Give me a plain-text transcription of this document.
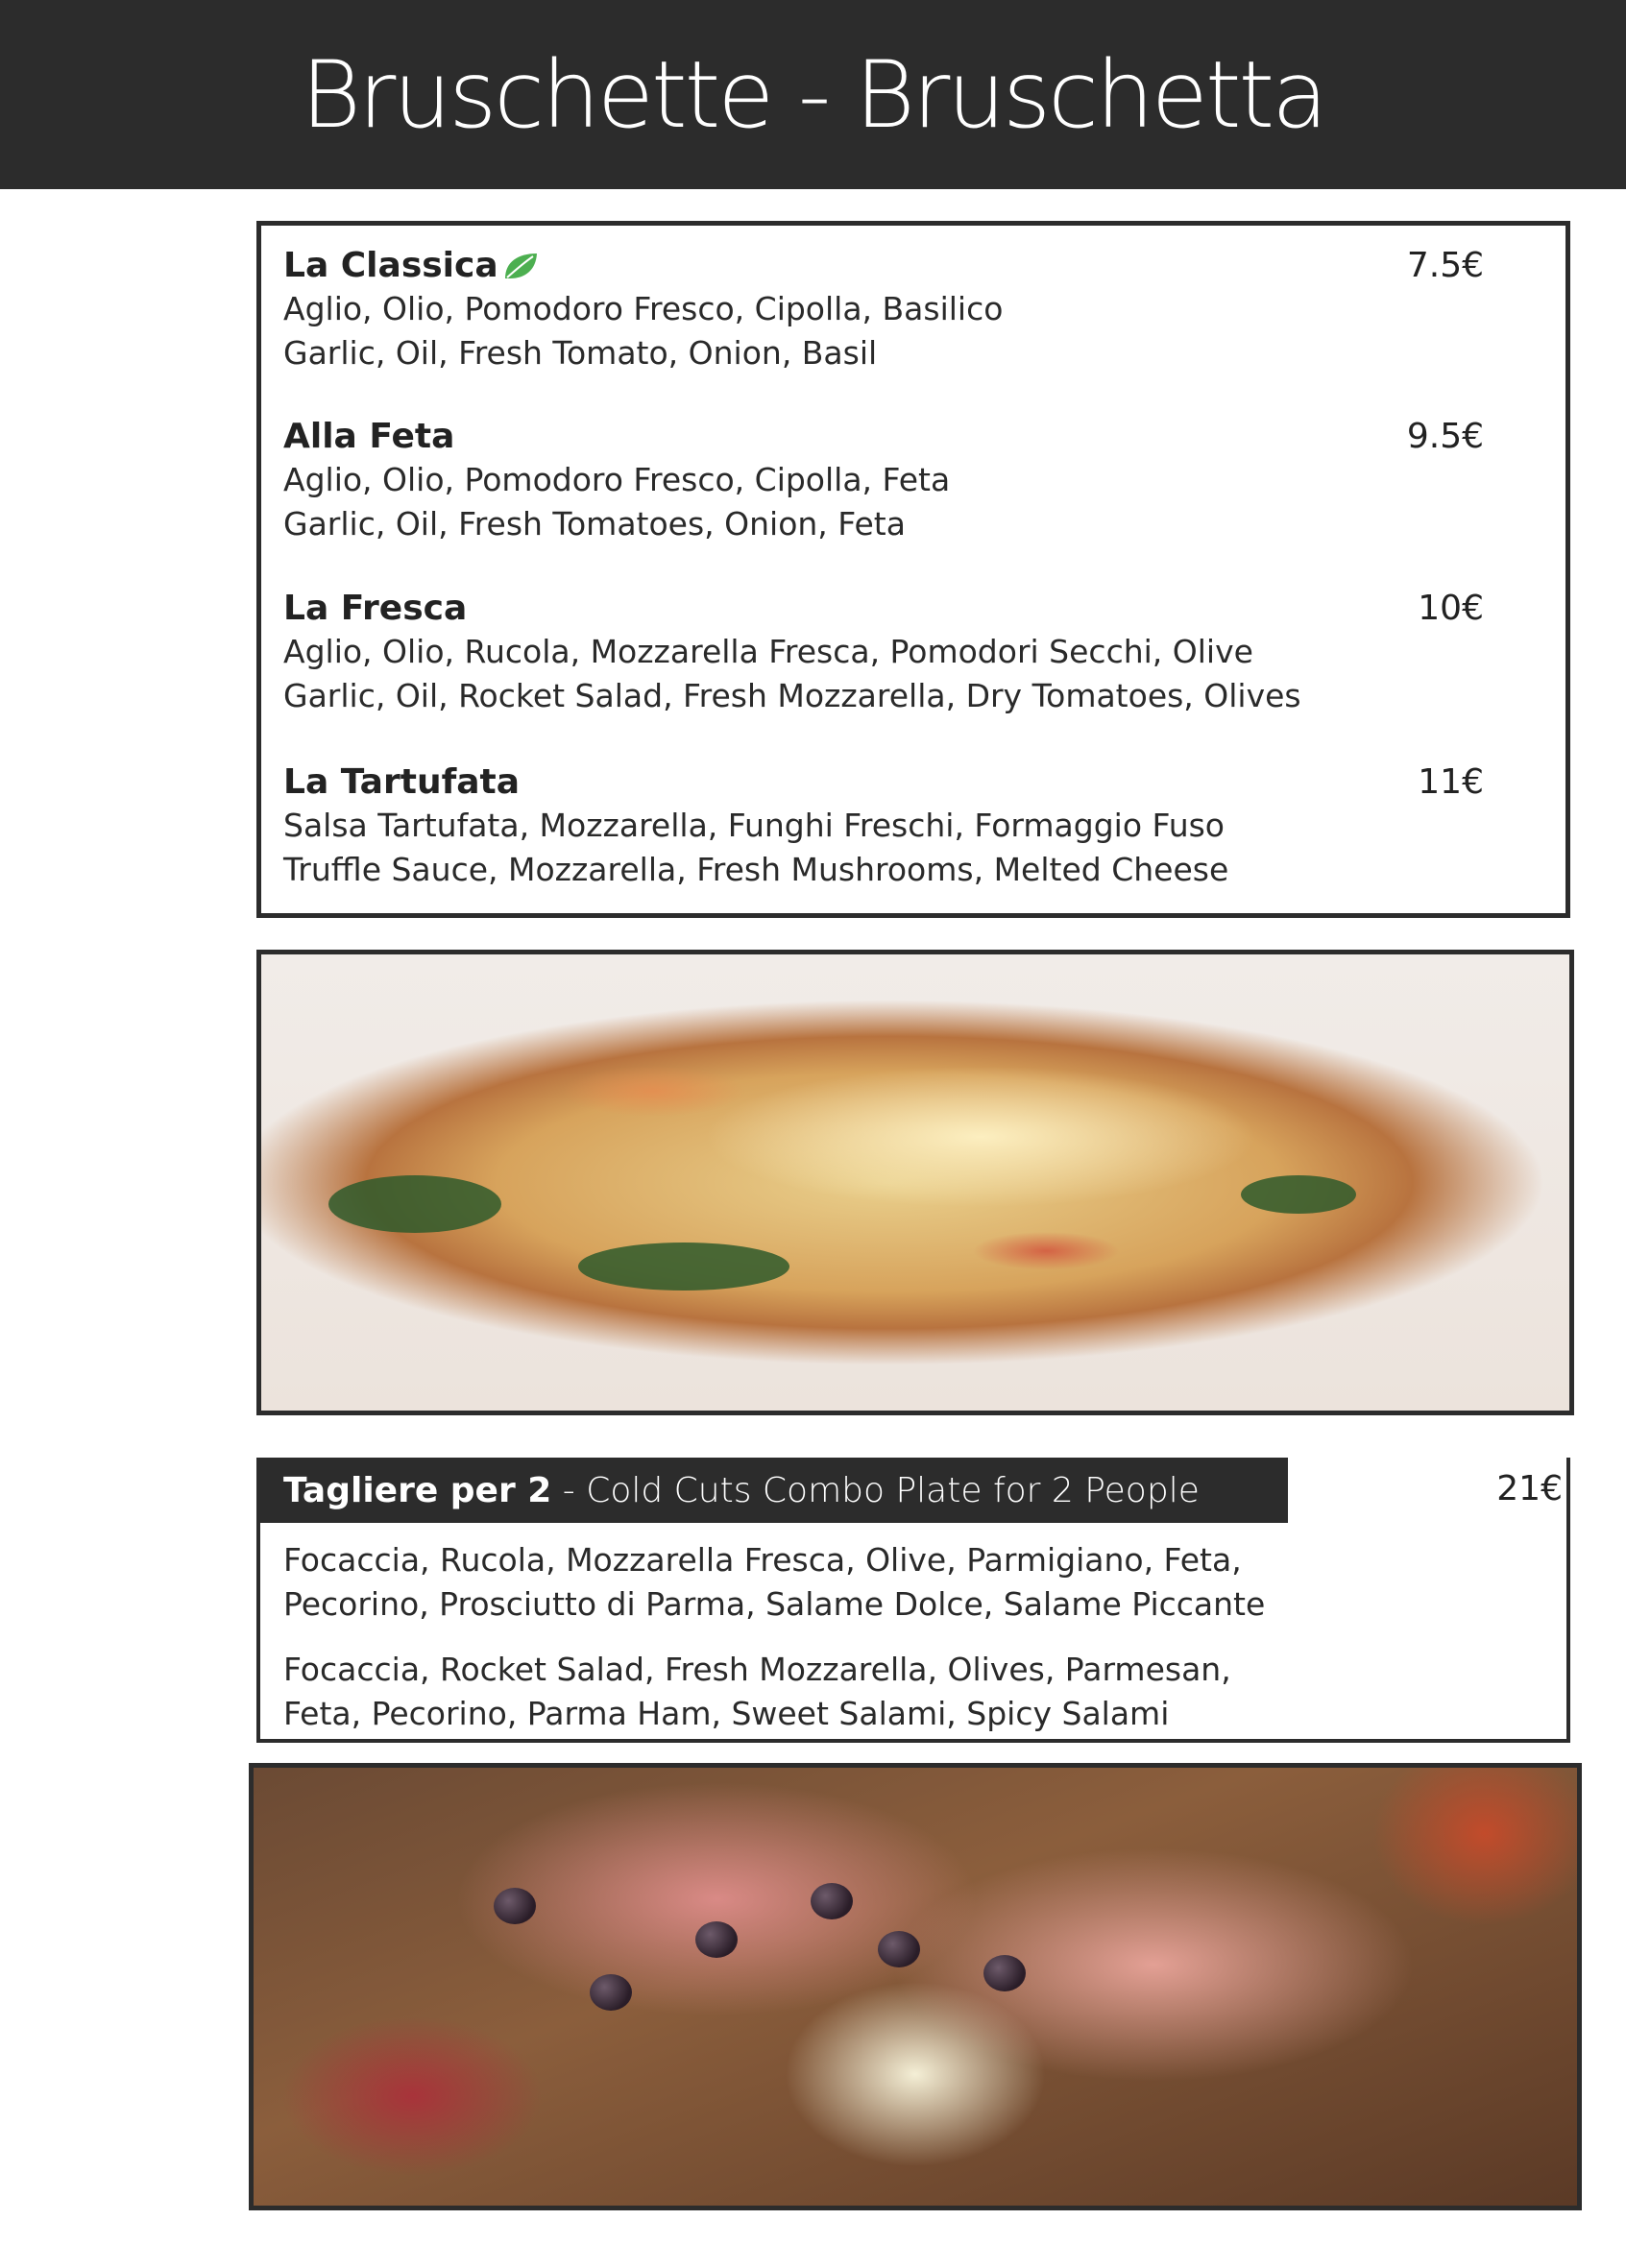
Bruschette - Bruschetta
La Classica
Aglio, Olio, Pomodoro Fresco, Cipolla, Basilico
Garlic, Oil, Fresh Tomato, Onion, Basil
7.5€
Alla Feta
Aglio, Olio, Pomodoro Fresco, Cipolla, Feta
Garlic, Oil, Fresh Tomatoes, Onion, Feta
9.5€
La Fresca
Aglio, Olio, Rucola, Mozzarella Fresca, Pomodori Secchi, Olive
Garlic, Oil, Rocket Salad, Fresh Mozzarella, Dry Tomatoes, Olives
10€
La Tartufata
Salsa Tartufata, Mozzarella, Funghi Freschi, Formaggio Fuso
Truffle Sauce, Mozzarella, Fresh Mushrooms, Melted Cheese
11€
Tagliere per 2 - Cold Cuts Combo Plate for 2 People	21€
Focaccia, Rucola, Mozzarella Fresca, Olive, Parmigiano, Feta,
Pecorino, Prosciutto di Parma, Salame Dolce, Salame Piccante
Focaccia, Rocket Salad, Fresh Mozzarella, Olives, Parmesan,
Feta, Pecorino, Parma Ham, Sweet Salami, Spicy Salami
